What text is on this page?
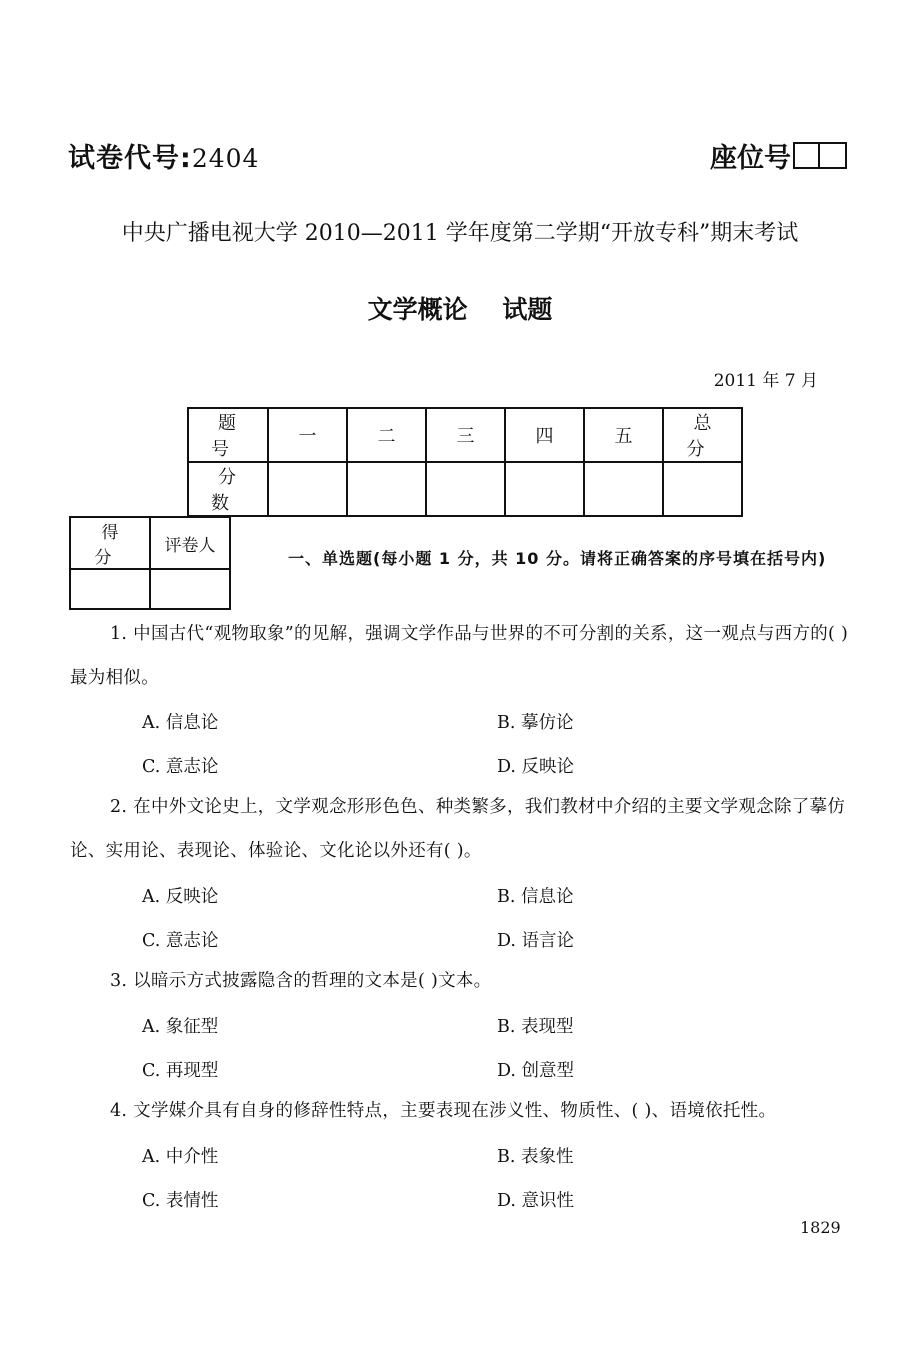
试卷代号:2404	座位号
中央广播电视大学 2010—2011 学年度第二学期“开放专科”期末考试
文学概论    试题
2011 年 7 月
题 号	一	二	三	四	五	总 分
分 数						
得 分	评卷人

一、单选题(每小题 1 分，共 10 分。请将正确答案的序号填在括号内)
1. 中国古代“观物取象”的见解，强调文学作品与世界的不可分割的关系，这一观点与西方的( )最为相似。
A. 信息论	B. 摹仿论
C. 意志论	D. 反映论
2. 在中外文论史上，文学观念形形色色、种类繁多，我们教材中介绍的主要文学观念除了摹仿论、实用论、表现论、体验论、文化论以外还有( )。
A. 反映论	B. 信息论
C. 意志论	D. 语言论
3. 以暗示方式披露隐含的哲理的文本是( )文本。
A. 象征型	B. 表现型
C. 再现型	D. 创意型
4. 文学媒介具有自身的修辞性特点，主要表现在涉义性、物质性、( )、语境依托性。
A. 中介性	B. 表象性
C. 表情性	D. 意识性
1829
